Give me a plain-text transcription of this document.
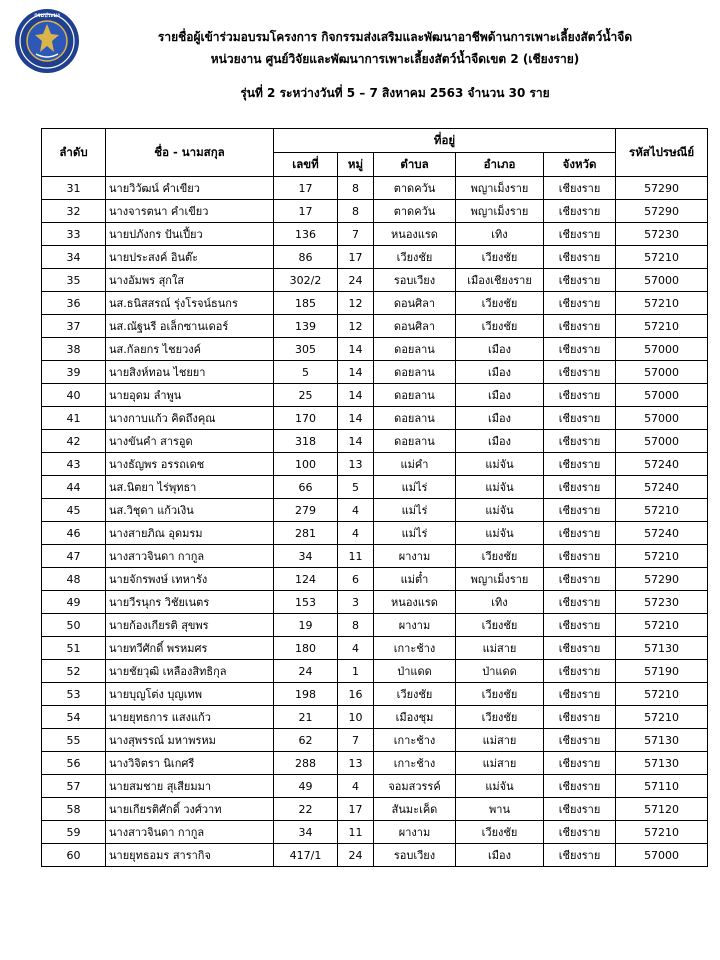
กรมประมง
รายชื่อผู้เข้าร่วมอบรมโครงการ กิจกรรมส่งเสริมและพัฒนาอาชีพด้านการเพาะเลี้ยงสัตว์น้ำจืด
หน่วยงาน ศูนย์วิจัยและพัฒนาการเพาะเลี้ยงสัตว์น้ำจืดเขต 2 (เชียงราย)
รุ่นที่ 2 ระหว่างวันที่ 5 – 7 สิงหาคม 2563 จำนวน 30 ราย
ลำดับ	ชื่อ - นามสกุล	ที่อยู่					รหัสไปรษณีย์
		เลขที่	หมู่	ตำบล	อำเภอ	จังหวัด	
31	นายวิวัฒน์ คำเขียว	17	8	ตาดควัน	พญาเม็งราย	เชียงราย	57290
32	นางจารตนา คำเขียว	17	8	ตาดควัน	พญาเม็งราย	เชียงราย	57290
33	นายปภังกร ปันเปี้ยว	136	7	หนองแรด	เทิง	เชียงราย	57230
34	นายประสงค์ อินต๊ะ	86	17	เวียงชัย	เวียงชัย	เชียงราย	57210
35	นางอัมพร สุกใส	302/2	24	รอบเวียง	เมืองเชียงราย	เชียงราย	57000
36	นส.ธนิสสรณ์ รุ่งโรจน์ธนกร	185	12	ดอนศิลา	เวียงชัย	เชียงราย	57210
37	นส.ณัฐนรี อเล็กซานเดอร์	139	12	ดอนศิลา	เวียงชัย	เชียงราย	57210
38	นส.กัลยกร ไชยวงค์	305	14	ดอยลาน	เมือง	เชียงราย	57000
39	นายสิงห์ทอน ไชยยา	5	14	ดอยลาน	เมือง	เชียงราย	57000
40	นายอุดม ลำพูน	25	14	ดอยลาน	เมือง	เชียงราย	57000
41	นางกาบแก้ว คิดถึงคุณ	170	14	ดอยลาน	เมือง	เชียงราย	57000
42	นางขันคำ สารอูด	318	14	ดอยลาน	เมือง	เชียงราย	57000
43	นางธัญพร อรรถเดช	100	13	แม่คำ	แม่จัน	เชียงราย	57240
44	นส.นิตยา ไร่พุทธา	66	5	แม่ไร่	แม่จัน	เชียงราย	57240
45	นส.วิชุดา แก้วเงิน	279	4	แม่ไร่	แม่จัน	เชียงราย	57210
46	นางสายภิณ อุดมรม	281	4	แม่ไร่	แม่จัน	เชียงราย	57240
47	นางสาวจินดา กากูล	34	11	ผางาม	เวียงชัย	เชียงราย	57210
48	นายจักรพงษ์ เทหารัง	124	6	แม่ต๋ำ	พญาเม็งราย	เชียงราย	57290
49	นายวีรนุกร วิชัยเนตร	153	3	หนองแรด	เทิง	เชียงราย	57230
50	นายก้องเกียรติ สุขพร	19	8	ผางาม	เวียงชัย	เชียงราย	57210
51	นายทวีศักดิ์ พรหมศร	180	4	เกาะช้าง	แม่สาย	เชียงราย	57130
52	นายชัยวุฒิ เหลืองสิทธิกุล	24	1	ป่าแดด	ป่าแดด	เชียงราย	57190
53	นายบุญโต่ง บุญเทพ	198	16	เวียงชัย	เวียงชัย	เชียงราย	57210
54	นายยุทธการ แสงแก้ว	21	10	เมืองชุม	เวียงชัย	เชียงราย	57210
55	นางสุพรรณ์ มหาพรหม	62	7	เกาะช้าง	แม่สาย	เชียงราย	57130
56	นางวิจิตรา นิเกศรี	288	13	เกาะช้าง	แม่สาย	เชียงราย	57130
57	นายสมชาย สุเสียมมา	49	4	จอมสวรรค์	แม่จัน	เชียงราย	57110
58	นายเกียรติศักดิ์ วงศ์วาท	22	17	สันมะเค็ด	พาน	เชียงราย	57120
59	นางสาวจินดา กากูล	34	11	ผางาม	เวียงชัย	เชียงราย	57210
60	นายยุทธอมร สารากิจ	417/1	24	รอบเวียง	เมือง	เชียงราย	57000
